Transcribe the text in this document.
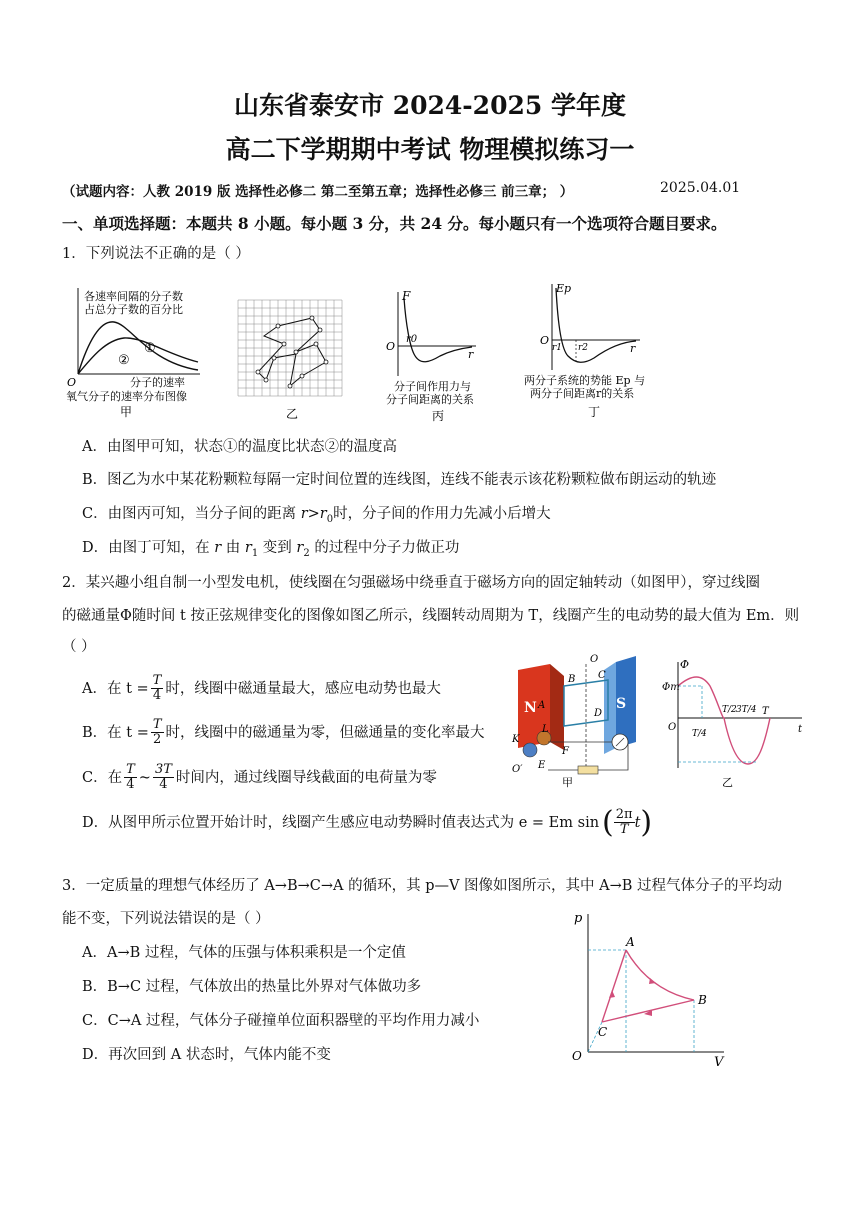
山东省泰安市 2024-2025 学年度
高二下学期期中考试 物理模拟练习一
（试题内容：人教 2019 版 选择性必修二 第二至第五章；选择性必修三 前三章； ）	2025.04.01
一、单项选择题：本题共 8 小题。每小题 3 分，共 24 分。每小题只有一个选项符合题目要求。
1．下列说法不正确的是（ ）
各速率间隔的分子数
占总分子数的百分比
①
②
O	分子的速率
氧气分子的速率分布图像
甲	乙
F
r0
r
O
分子间作用力与
分子间距离的关系
丙
Ep
r1 r2	r
O
两分子系统的势能 Ep 与
两分子间距离r的关系
丁
A．由图甲可知，状态①的温度比状态②的温度高
B．图乙为水中某花粉颗粒每隔一定时间位置的连线图，连线不能表示该花粉颗粒做布朗运动的轨迹
C．由图丙可知，当分子间的距离 $r>r_0$时，分子间的作用力先减小后增大
D．由图丁可知，在 r 由 $r_1$ 变到 $r_2$ 的过程中分子力做正功
2．某兴趣小组自制一小型发电机，使线圈在匀强磁场中绕垂直于磁场方向的固定轴转动（如图甲），穿过线圈
的磁通量Φ随时间 t 按正弦规律变化的图像如图乙所示，线圈转动周期为 T，线圈产生的电动势的最大值为 Em．则
（ ）
A．在 $t = \frac{T}{4}$ 时，线圈中磁通量最大，感应电动势也最大
B．在 $t = \frac{T}{2}$ 时，线圈中的磁通量为零，但磁通量的变化率最大
C．在 T
4 ~ 3T
4 时间内，通过线圈导线截面的电荷量为零
D．从图甲所示位置开始计时，线圈产生感应电动势瞬时值表达式为 e = Em sin ( 2π
T t )
N	S
B C
O
A
D
K
L
O′ E
F
甲
Φ
Φm
O
T/2 3T/4 T
T/4	t
乙
3．一定质量的理想气体经历了 A→B→C→A 的循环，其 p—V 图像如图所示，其中 A→B 过程气体分子的平均动
能不变，下列说法错误的是（ ）
A．A→B 过程，气体的压强与体积乘积是一个定值
B．B→C 过程，气体放出的热量比外界对气体做功多
C．C→A 过程，气体分子碰撞单位面积器壁的平均作用力减小
D．再次回到 A 状态时，气体内能不变
p
V
O
A
B
C
